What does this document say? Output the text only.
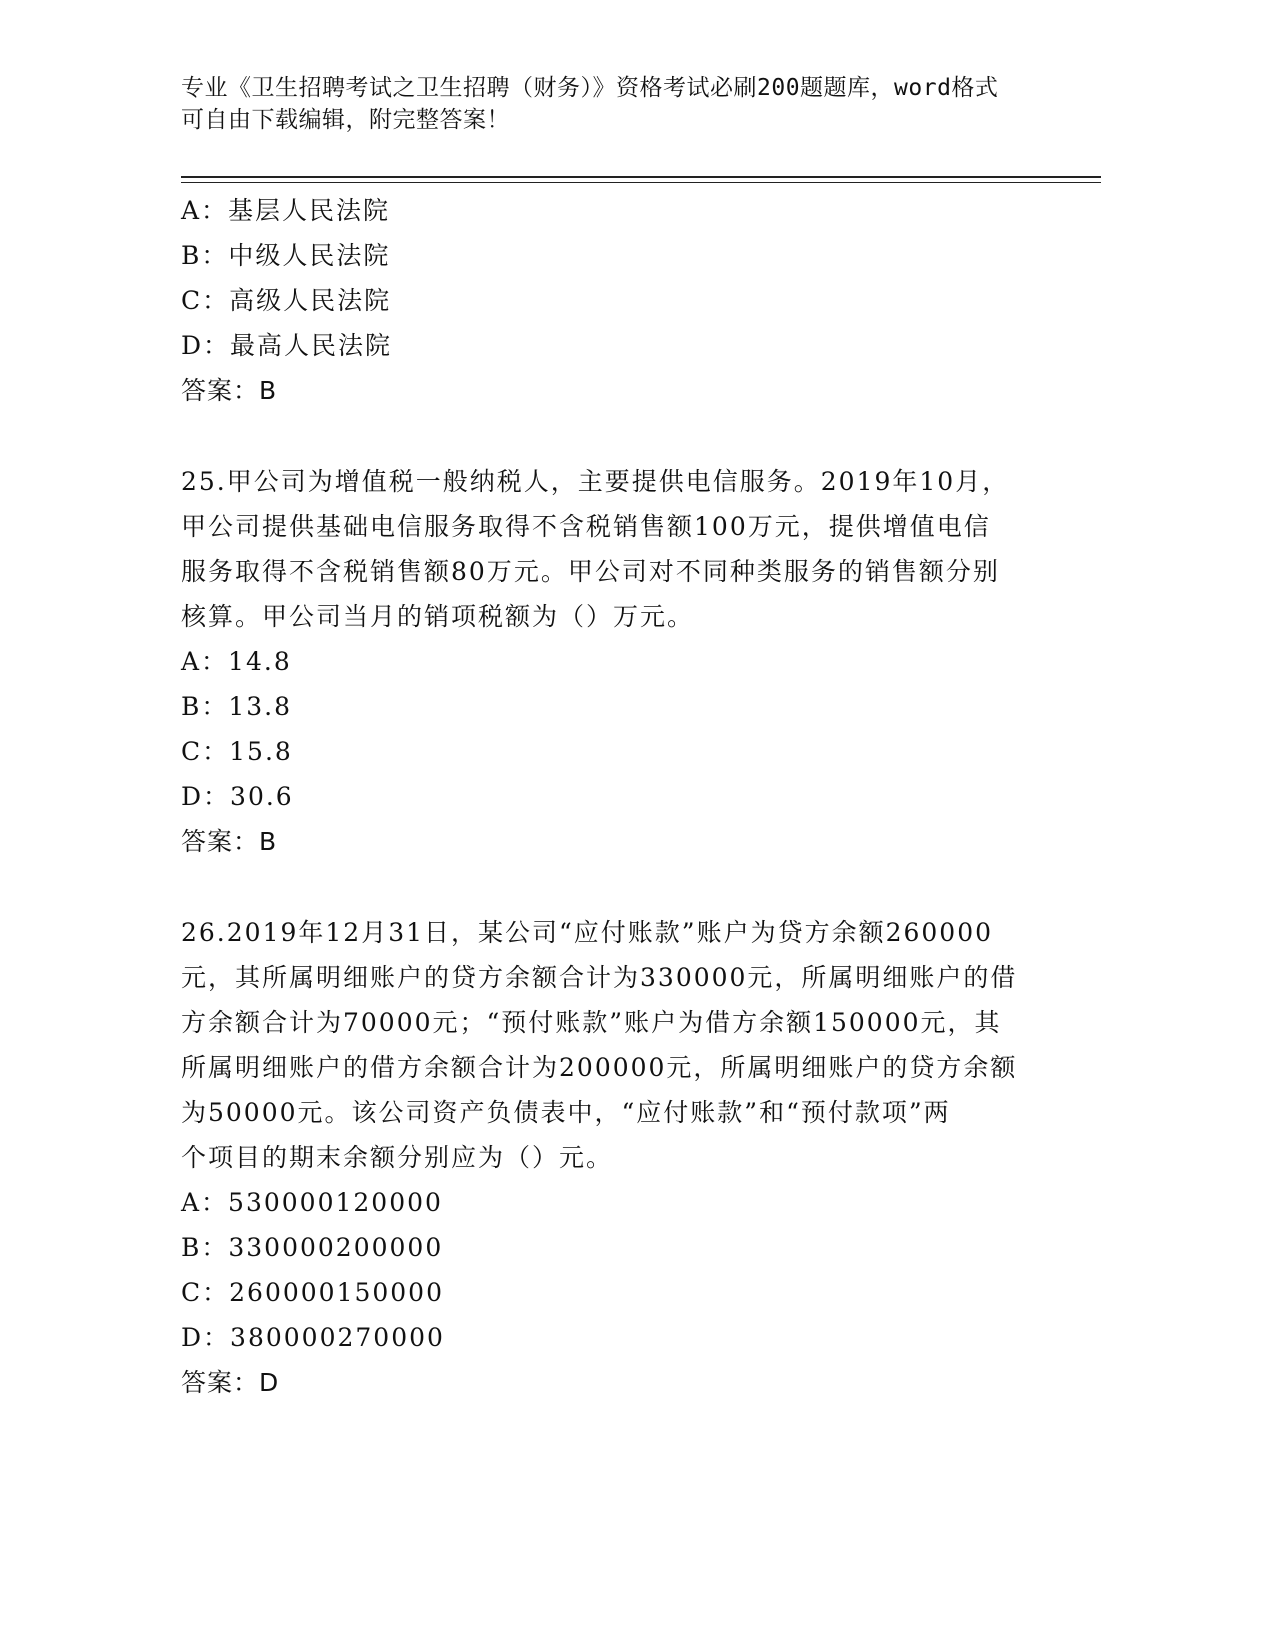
专业《卫生招聘考试之卫生招聘（财务）》资格考试必刷200题题库，word格式
可自由下载编辑，附完整答案！
A：基层人民法院
B：中级人民法院
C：高级人民法院
D：最高人民法院
答案：B
25.甲公司为增值税一般纳税人，主要提供电信服务。2019年10月，
甲公司提供基础电信服务取得不含税销售额100万元，提供增值电信
服务取得不含税销售额80万元。甲公司对不同种类服务的销售额分别
核算。甲公司当月的销项税额为（）万元。
A：14.8
B：13.8
C：15.8
D：30.6
答案：B
26.2019年12月31日，某公司“应付账款”账户为贷方余额260000
元，其所属明细账户的贷方余额合计为330000元，所属明细账户的借
方余额合计为70000元；“预付账款”账户为借方余额150000元，其
所属明细账户的借方余额合计为200000元，所属明细账户的贷方余额
为50000元。该公司资产负债表中，“应付账款”和“预付款项”两
个项目的期末余额分别应为（）元。
A：530000120000
B：330000200000
C：260000150000
D：380000270000
答案：D
